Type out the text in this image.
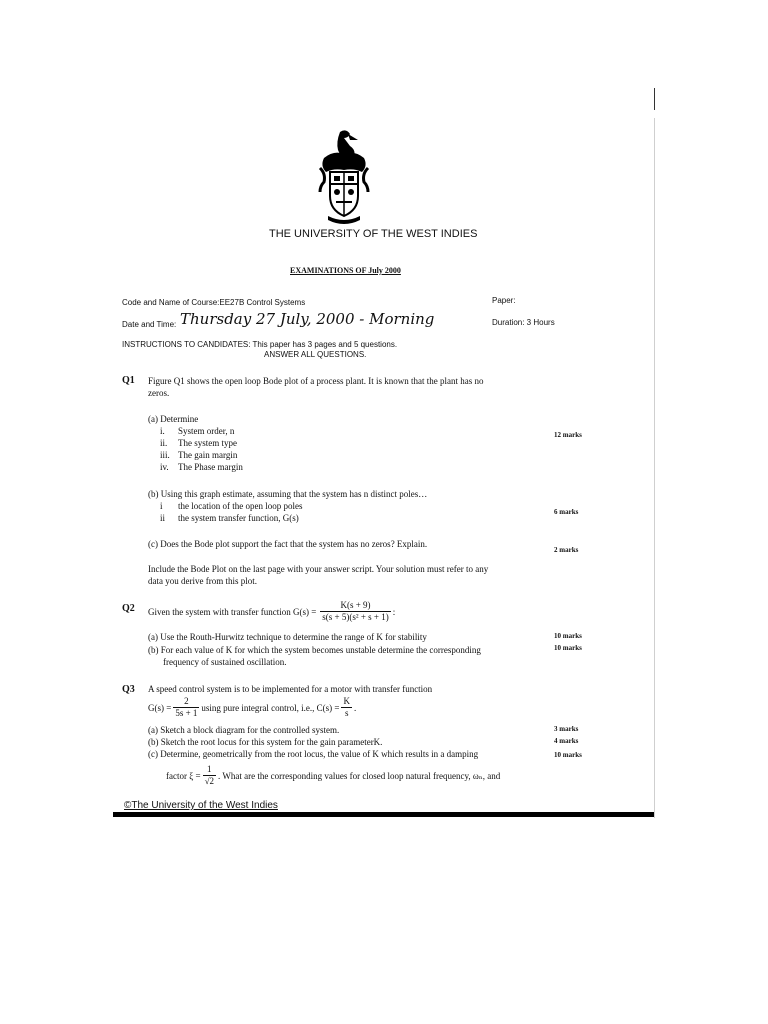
THE UNIVERSITY OF THE WEST INDIES
EXAMINATIONS OF July 2000
Code and Name of Course:EE27B Control Systems	Paper:
Date and Time: Thursday 27 July, 2000 - Morning	Duration: 3 Hours
INSTRUCTIONS TO CANDIDATES: This paper has 3 pages and 5 questions.
ANSWER ALL QUESTIONS.
Q1 Figure Q1 shows the open loop Bode plot of a process plant. It is known that the plant has no
zeros.
(a) Determine
i. System order, n
ii. The system type
iii. The gain margin
iv. The Phase margin
12 marks
(b) Using this graph estimate, assuming that the system has n distinct poles…
i the location of the open loop poles
ii the system transfer function, G(s)
6 marks
(c) Does the Bode plot support the fact that the system has no zeros? Explain.
2 marks
Include the Bode Plot on the last page with your answer script. Your solution must refer to any
data you derive from this plot.
Q2 Given the system with transfer function $G(s) = \frac{K(s + 9)}{\text{s(s + 5)(s² + s + 1)}}$ :
(a) Use the Routh-Hurwitz technique to determine the range of K for stability	10 marks
(b) For each value of K for which the system becomes unstable determine the corresponding
frequency of sustained oscillation.
10 marks
Q3 A speed control system is to be implemented for a motor with transfer function
$G(s) = \frac{2}{5s + 1}$ using pure integral control, i.e., $C(s) = \frac{K}{s}$ .
(a) Sketch a block diagram for the controlled system.	3 marks
(b) Sketch the root locus for this system for the gain parameterK.	4 marks
(c) Determine, geometrically from the root locus, the value of K which results in a damping	10 marks
factor $\xi = \frac{1}{√2}$ . What are the corresponding values for closed loop natural frequency, ωₙ, and
©The University of the West Indies
